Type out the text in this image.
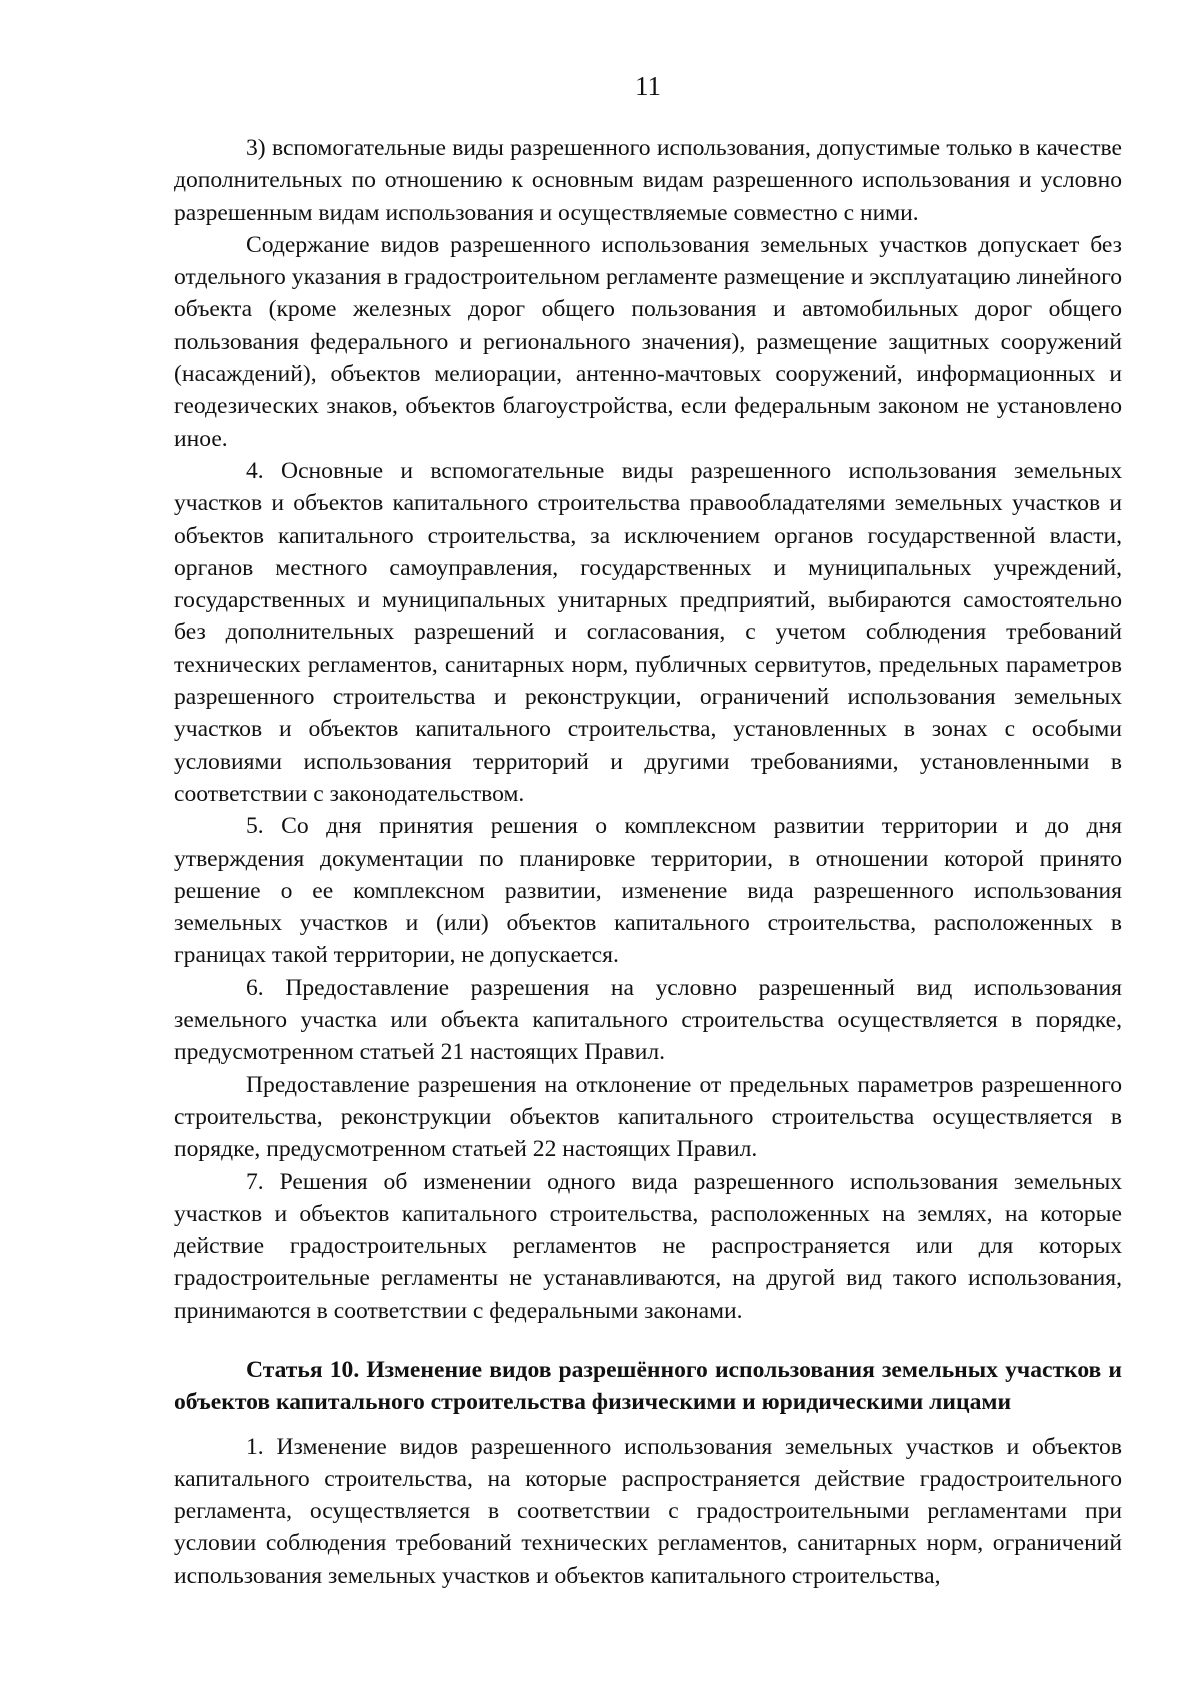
11

3) вспомогательные виды разрешенного использования, допустимые только в качестве дополнительных по отношению к основным видам разрешенного использования и условно разрешенным видам использования и осуществляемые совместно с ними.

Содержание видов разрешенного использования земельных участков допускает без отдельного указания в градостроительном регламенте размещение и эксплуатацию линейного объекта (кроме железных дорог общего пользования и автомобильных дорог общего пользования федерального и регионального значения), размещение защитных сооружений (насаждений), объектов мелиорации, антенно-мачтовых сооружений, информационных и геодезических знаков, объектов благоустройства, если федеральным законом не установлено иное.

4. Основные и вспомогательные виды разрешенного использования земельных участков и объектов капитального строительства правообладателями земельных участков и объектов капитального строительства, за исключением органов государственной власти, органов местного самоуправления, государственных и муниципальных учреждений, государственных и муниципальных унитарных предприятий, выбираются самостоятельно без дополнительных разрешений и согласования, с учетом соблюдения требований технических регламентов, санитарных норм, публичных сервитутов, предельных параметров разрешенного строительства и реконструкции, ограничений использования земельных участков и объектов капитального строительства, установленных в зонах с особыми условиями использования территорий и другими требованиями, установленными в соответствии с законодательством.

5. Со дня принятия решения о комплексном развитии территории и до дня утверждения документации по планировке территории, в отношении которой принято решение о ее комплексном развитии, изменение вида разрешенного использования земельных участков и (или) объектов капитального строительства, расположенных в границах такой территории, не допускается.

6. Предоставление разрешения на условно разрешенный вид использования земельного участка или объекта капитального строительства осуществляется в порядке, предусмотренном статьей 21 настоящих Правил.

Предоставление разрешения на отклонение от предельных параметров разрешенного строительства, реконструкции объектов капитального строительства осуществляется в порядке, предусмотренном статьей 22 настоящих Правил.

7. Решения об изменении одного вида разрешенного использования земельных участков и объектов капитального строительства, расположенных на землях, на которые действие градостроительных регламентов не распространяется или для которых градостроительные регламенты не устанавливаются, на другой вид такого использования, принимаются в соответствии с федеральными законами.

Статья 10. Изменение видов разрешённого использования земельных участков и объектов капитального строительства физическими и юридическими лицами

1. Изменение видов разрешенного использования земельных участков и объектов капитального строительства, на которые распространяется действие градостроительного регламента, осуществляется в соответствии с градостроительными регламентами при условии соблюдения требований технических регламентов, санитарных норм, ограничений использования земельных участков и объектов капитального строительства,
